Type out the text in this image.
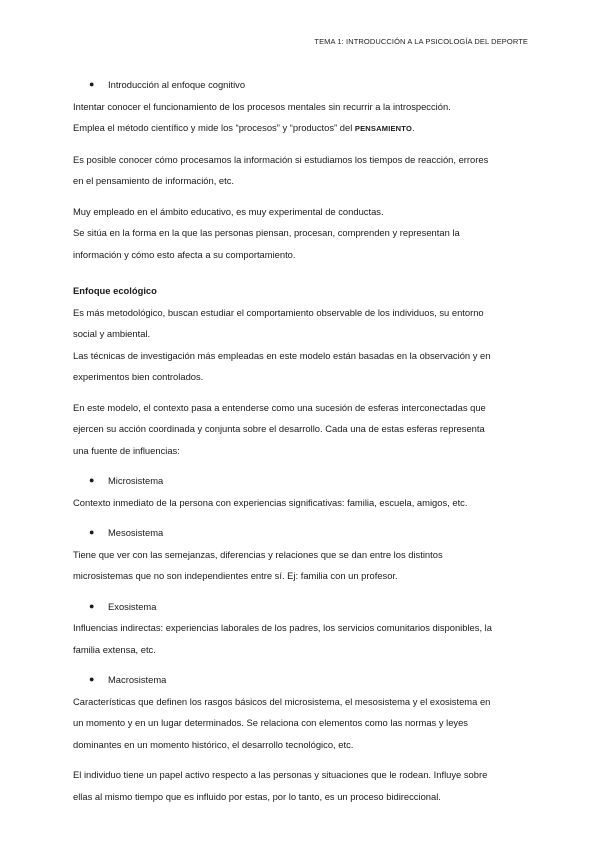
TEMA 1: INTRODUCCIÓN A LA PSICOLOGÍA DEL DEPORTE

● Introducción al enfoque cognitivo

Intentar conocer el funcionamiento de los procesos mentales sin recurrir a la introspección.

Emplea el método científico y mide los “procesos” y “productos” del PENSAMIENTO.

Es posible conocer cómo procesamos la información si estudiamos los tiempos de reacción, errores

en el pensamiento de información, etc.

Muy empleado en el ámbito educativo, es muy experimental de conductas.

Se sitúa en la forma en la que las personas piensan, procesan, comprenden y representan la

información y cómo esto afecta a su comportamiento.

Enfoque ecológico

Es más metodológico, buscan estudiar el comportamiento observable de los individuos, su entorno

social y ambiental.

Las técnicas de investigación más empleadas en este modelo están basadas en la observación y en

experimentos bien controlados.

En este modelo, el contexto pasa a entenderse como una sucesión de esferas interconectadas que

ejercen su acción coordinada y conjunta sobre el desarrollo. Cada una de estas esferas representa

una fuente de influencias:

● Microsistema

Contexto inmediato de la persona con experiencias significativas: familia, escuela, amigos, etc.

● Mesosistema

Tiene que ver con las semejanzas, diferencias y relaciones que se dan entre los distintos

microsistemas que no son independientes entre sí. Ej: familia con un profesor.

● Exosistema

Influencias indirectas: experiencias laborales de los padres, los servicios comunitarios disponibles, la

familia extensa, etc.

● Macrosistema

Características que definen los rasgos básicos del microsistema, el mesosistema y el exosistema en

un momento y en un lugar determinados. Se relaciona con elementos como las normas y leyes

dominantes en un momento histórico, el desarrollo tecnológico, etc.

El individuo tiene un papel activo respecto a las personas y situaciones que le rodean. Influye sobre

ellas al mismo tiempo que es influido por estas, por lo tanto, es un proceso bidireccional.
